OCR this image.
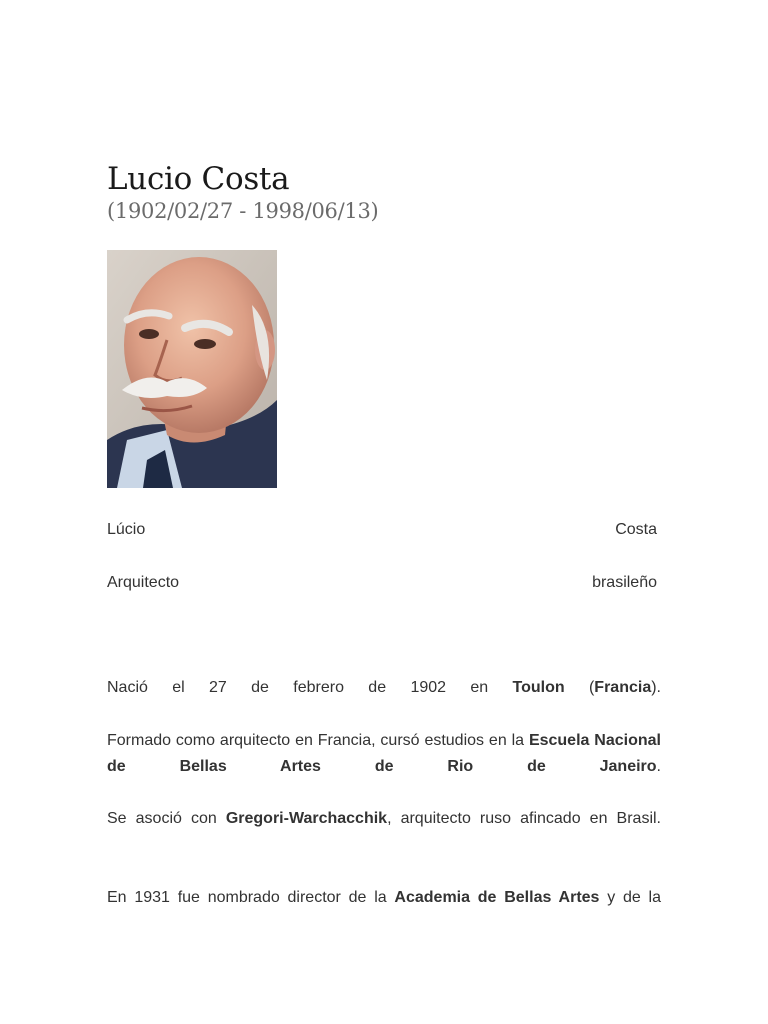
Lucio Costa
(1902/02/27 - 1998/06/13)
Lúcio	Costa
Arquitecto	brasileño
Nació el 27 de febrero de 1902 en Toulon (Francia).
Formado como arquitecto en Francia, cursó estudios en la Escuela Nacional de Bellas Artes de Rio de Janeiro.
Se asoció con Gregori-Warchacchik, arquitecto ruso afincado en Brasil.
En 1931 fue nombrado director de la Academia de Bellas Artes y de la
